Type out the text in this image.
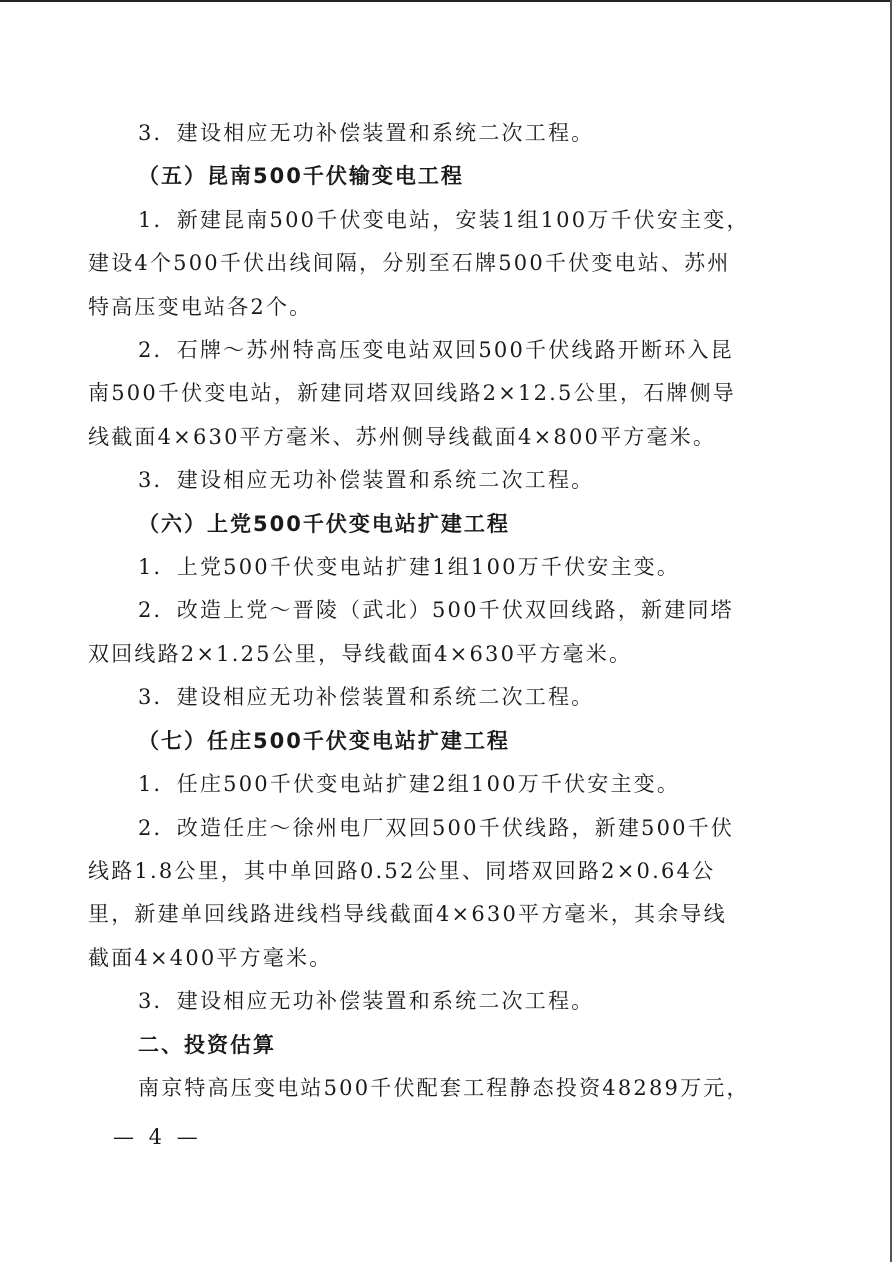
3．建设相应无功补偿装置和系统二次工程。

（五）昆南500千伏输变电工程

1．新建昆南500千伏变电站，安装1组100万千伏安主变，

建设4个500千伏出线间隔，分别至石牌500千伏变电站、苏州

特高压变电站各2个。

2．石牌～苏州特高压变电站双回500千伏线路开断环入昆

南500千伏变电站，新建同塔双回线路2×12.5公里，石牌侧导

线截面4×630平方毫米、苏州侧导线截面4×800平方毫米。

3．建设相应无功补偿装置和系统二次工程。

（六）上党500千伏变电站扩建工程

1．上党500千伏变电站扩建1组100万千伏安主变。

2．改造上党～晋陵（武北）500千伏双回线路，新建同塔

双回线路2×1.25公里，导线截面4×630平方毫米。

3．建设相应无功补偿装置和系统二次工程。

（七）任庄500千伏变电站扩建工程

1．任庄500千伏变电站扩建2组100万千伏安主变。

2．改造任庄～徐州电厂双回500千伏线路，新建500千伏

线路1.8公里，其中单回路0.52公里、同塔双回路2×0.64公

里，新建单回线路进线档导线截面4×630平方毫米，其余导线

截面4×400平方毫米。

3．建设相应无功补偿装置和系统二次工程。

二、投资估算

南京特高压变电站500千伏配套工程静态投资48289万元，

— 4 —
